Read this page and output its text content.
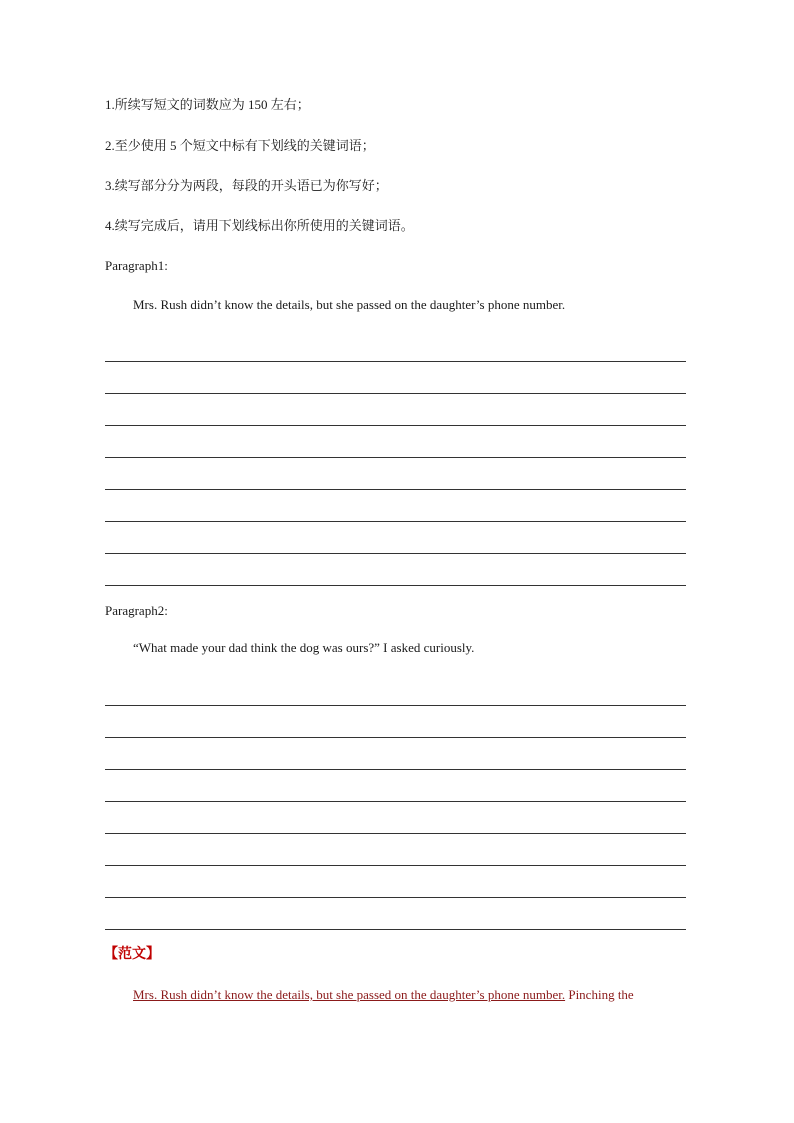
1.所续写短文的词数应为 150 左右；
2.至少使用 5 个短文中标有下划线的关键词语；
3.续写部分分为两段，每段的开头语已为你写好；
4.续写完成后，请用下划线标出你所使用的关键词语。
Paragraph1:
Mrs. Rush didn’t know the details, but she passed on the daughter’s phone number.
Paragraph2:
“What made your dad think the dog was ours?” I asked curiously.
【范文】
Mrs. Rush didn’t know the details, but she passed on the daughter’s phone number. Pinching the
